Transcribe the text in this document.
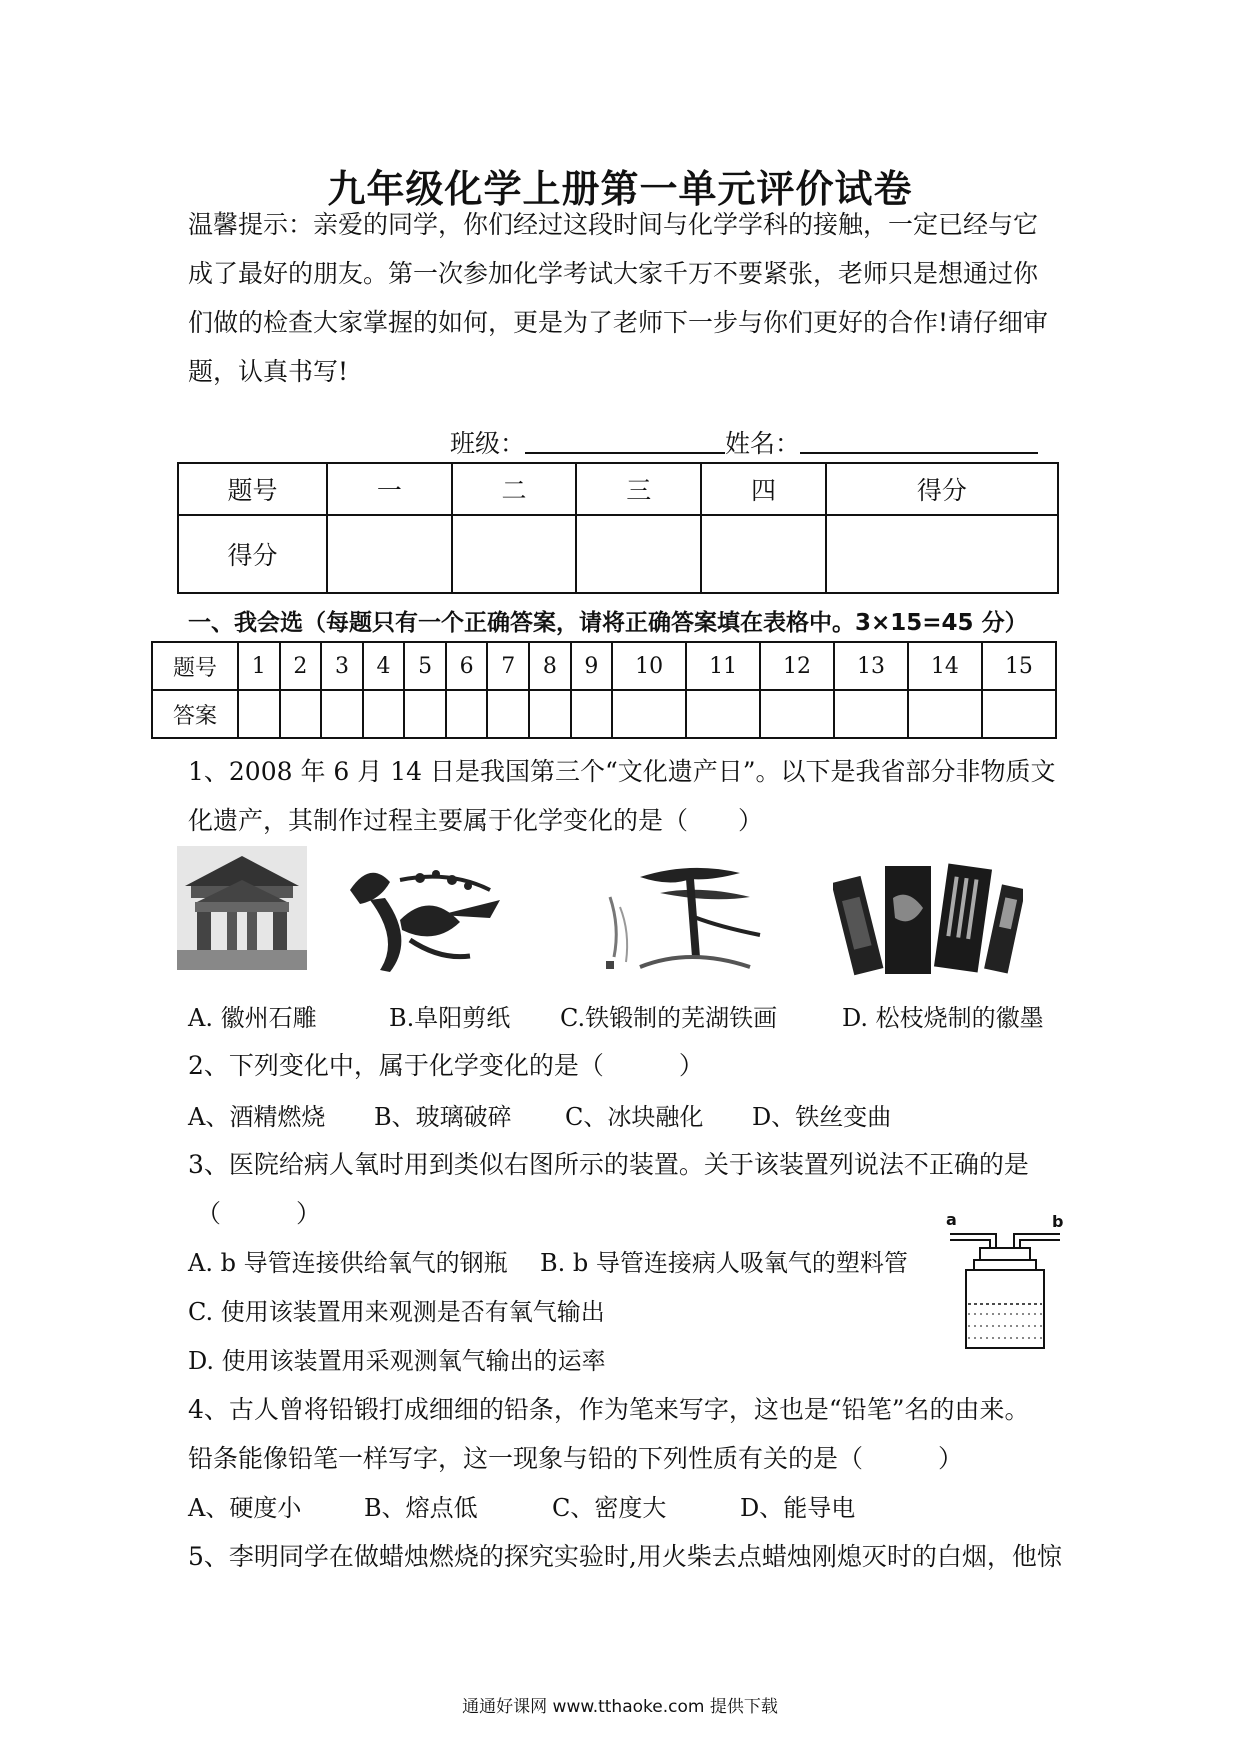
九年级化学上册第一单元评价试卷
温馨提示：亲爱的同学，你们经过这段时间与化学学科的接触，一定已经与它成了最好的朋友。第一次参加化学考试大家千万不要紧张，老师只是想通过你们做的检查大家掌握的如何，更是为了老师下一步与你们更好的合作!请仔细审题，认真书写!
班级：	姓名：
题号	一	二	三	四	得分
得分					
一、我会选（每题只有一个正确答案，请将正确答案填在表格中。3×15=45 分）
题号	1	2	3	4	5	6	7	8	9	10	11	12	13	14	15
答案															
1、2008 年 6 月 14 日是我国第三个“文化遗产日”。以下是我省部分非物质文
化遗产，其制作过程主要属于化学变化的是（　　）
A. 徽州石雕	B.阜阳剪纸 C.铁锻制的芜湖铁画	D. 松枝烧制的徽墨
2、下列变化中，属于化学变化的是（　　　）
A、酒精燃烧 B、玻璃破碎 C、冰块融化 D、铁丝变曲
3、医院给病人氧时用到类似右图所示的装置。关于该装置列说法不正确的是
（　　　）
A. b 导管连接供给氧气的钢瓶 B. b 导管连接病人吸氧气的塑料管
C. 使用该装置用来观测是否有氧气输出
D. 使用该装置用采观测氧气输出的运率
a	b
4、古人曾将铅锻打成细细的铅条，作为笔来写字，这也是“铅笔”名的由来。
铅条能像铅笔一样写字，这一现象与铅的下列性质有关的是（　　　）
A、硬度小	B、熔点低	C、密度大	D、能导电
5、李明同学在做蜡烛燃烧的探究实验时,用火柴去点蜡烛刚熄灭时的白烟，他惊
通通好课网 www.tthaoke.com 提供下载
